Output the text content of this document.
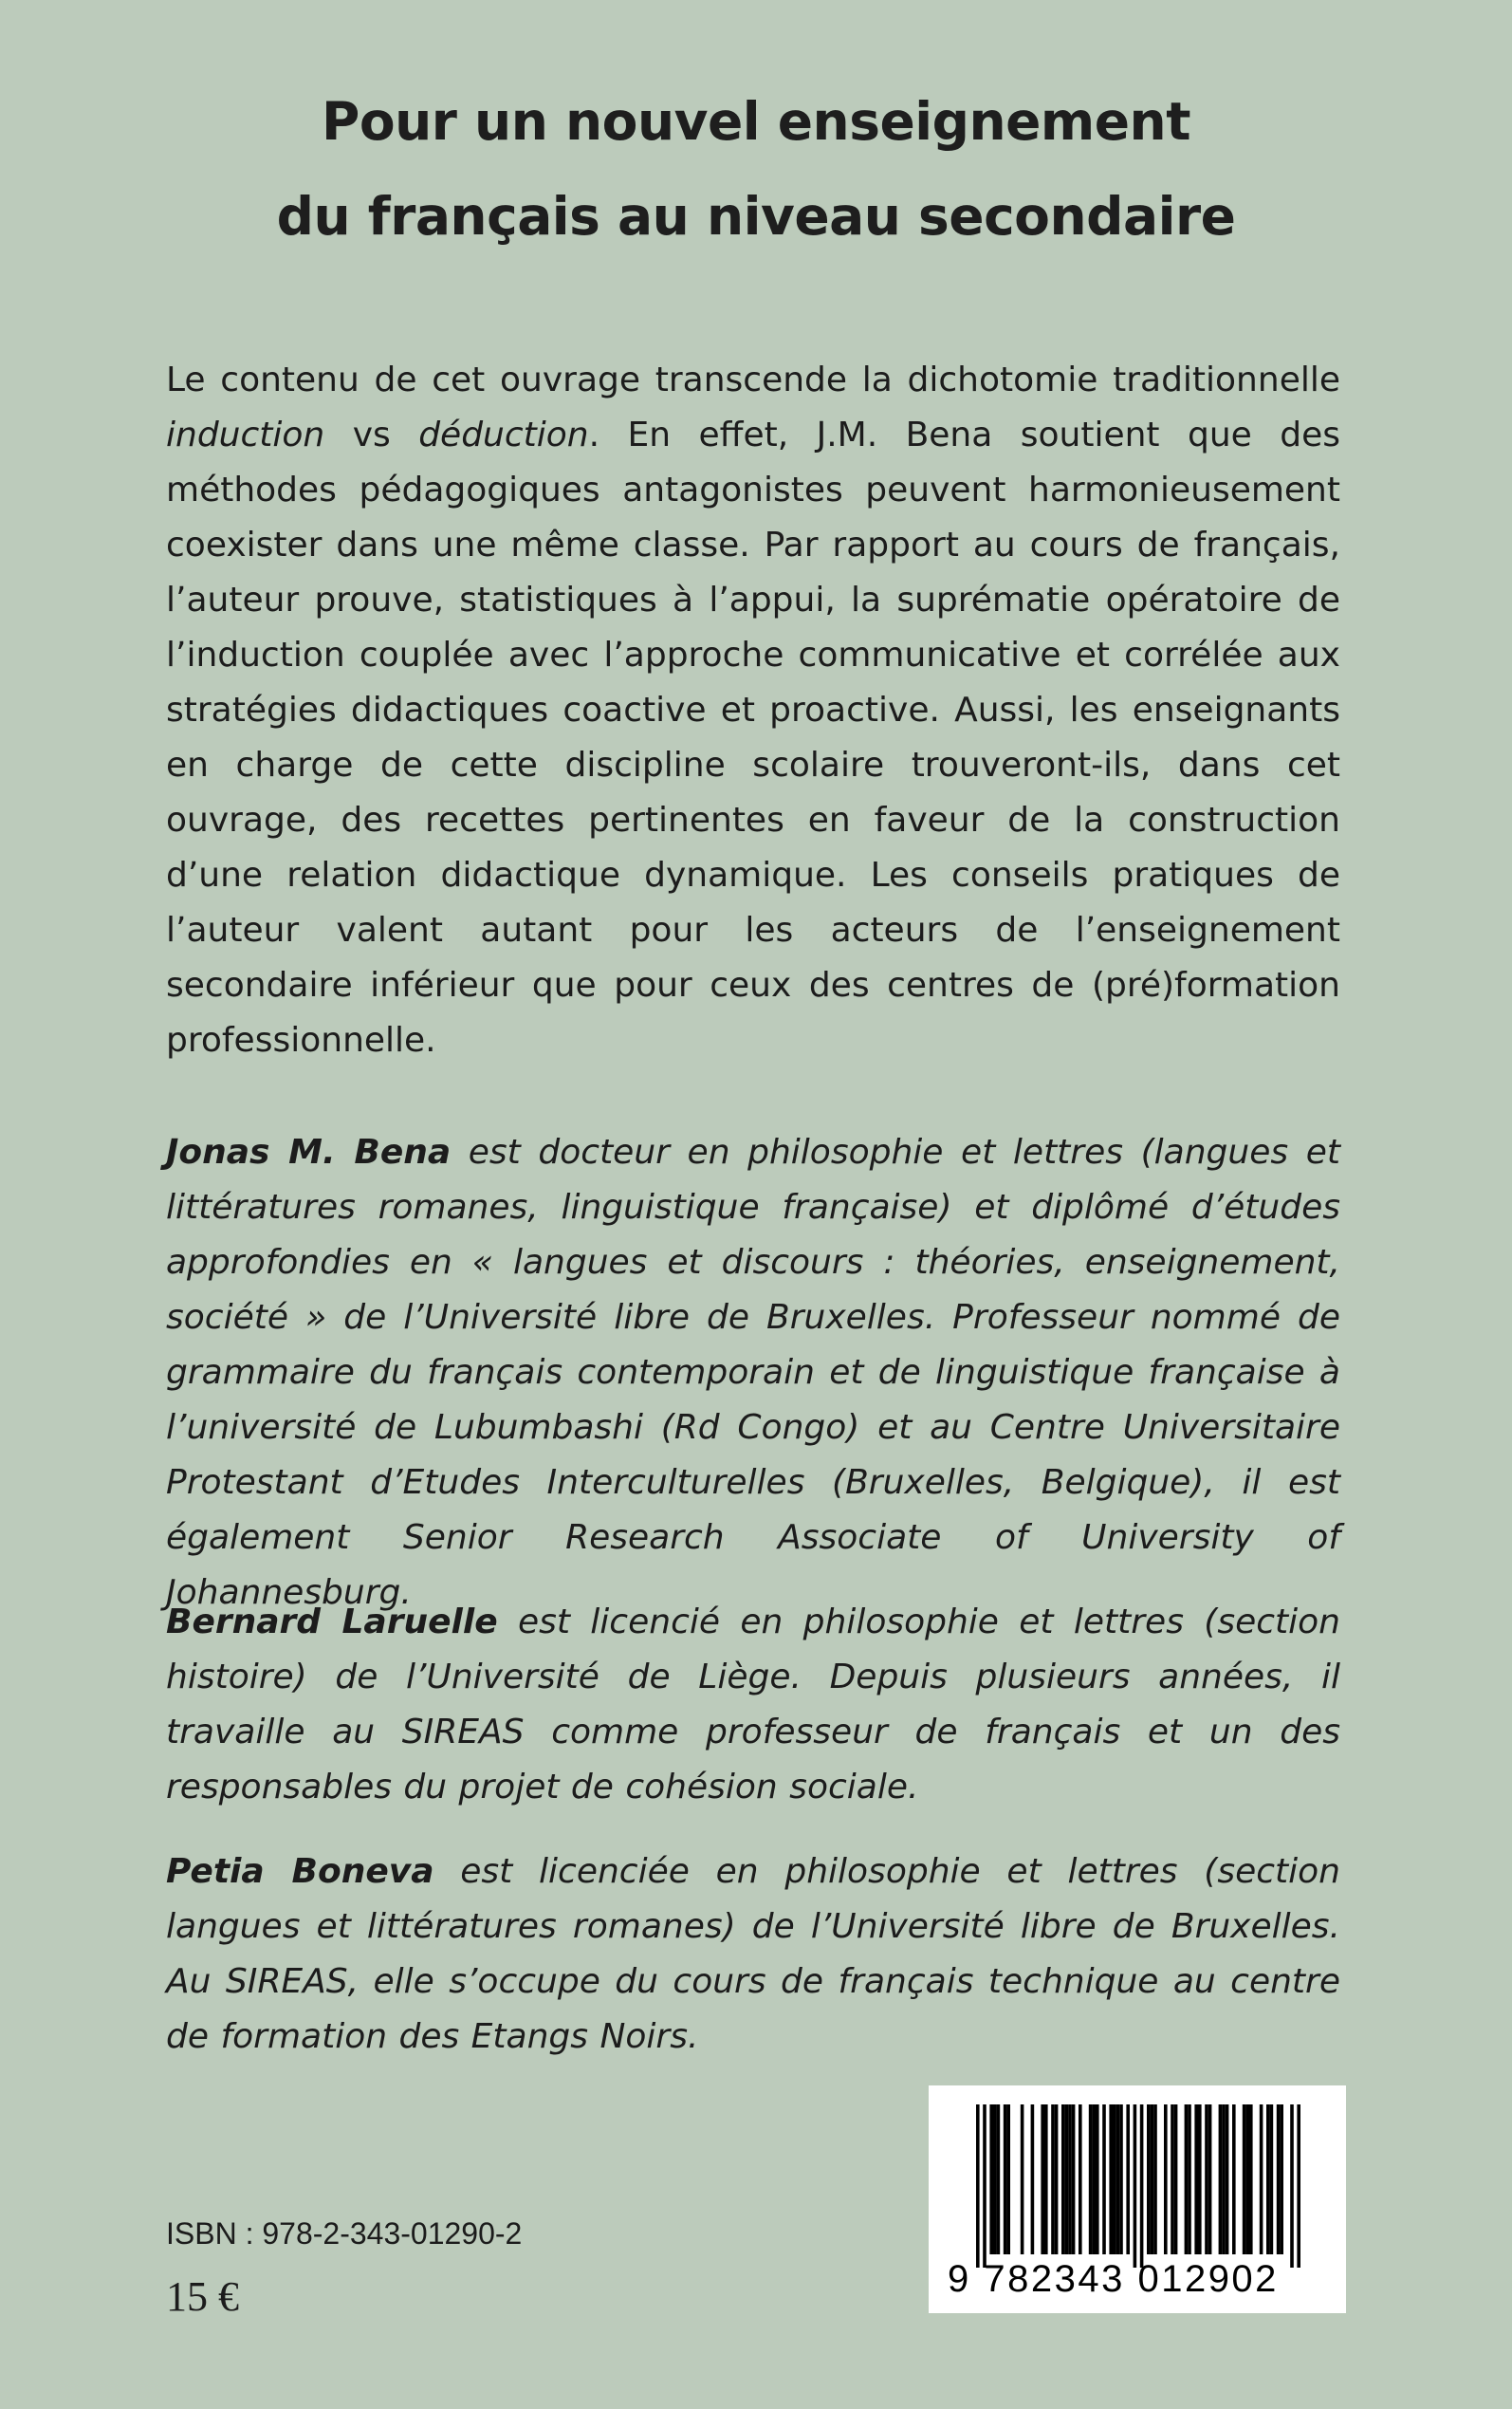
Pour un nouvel enseignement
du français au niveau secondaire

Le contenu de cet ouvrage transcende la dichotomie traditionnelle induction vs déduction. En effet, J.M. Bena soutient que des méthodes pédagogiques antagonistes peuvent harmonieusement coexister dans une même classe. Par rapport au cours de français, l’auteur prouve, statistiques à l’appui, la suprématie opératoire de l’induction couplée avec l’approche communicative et corrélée aux stratégies didactiques coactive et proactive. Aussi, les enseignants en charge de cette discipline scolaire trouveront-ils, dans cet ouvrage, des recettes pertinentes en faveur de la construction d’une relation didactique dynamique. Les conseils pratiques de l’auteur valent autant pour les acteurs de l’enseignement secondaire inférieur que pour ceux des centres de (pré)formation professionnelle.

Jonas M. Bena est docteur en philosophie et lettres (langues et littératures romanes, linguistique française) et diplômé d’études approfondies en « langues et discours : théories, enseignement, société » de l’Université libre de Bruxelles. Professeur nommé de grammaire du français contemporain et de linguistique française à l’université de Lubumbashi (Rd Congo) et au Centre Universitaire Protestant d’Etudes Interculturelles (Bruxelles, Belgique), il est également Senior Research Associate of University of Johannesburg.

Bernard Laruelle est licencié en philosophie et lettres (section histoire) de l’Université de Liège. Depuis plusieurs années, il travaille au SIREAS comme professeur de français et un des responsables du projet de cohésion sociale.

Petia Boneva est licenciée en philosophie et lettres (section langues et littératures romanes) de l’Université libre de Bruxelles. Au SIREAS, elle s’occupe du cours de français technique au centre de formation des Etangs Noirs.

ISBN : 978-2-343-01290-2
15 €	9 782343 012902
